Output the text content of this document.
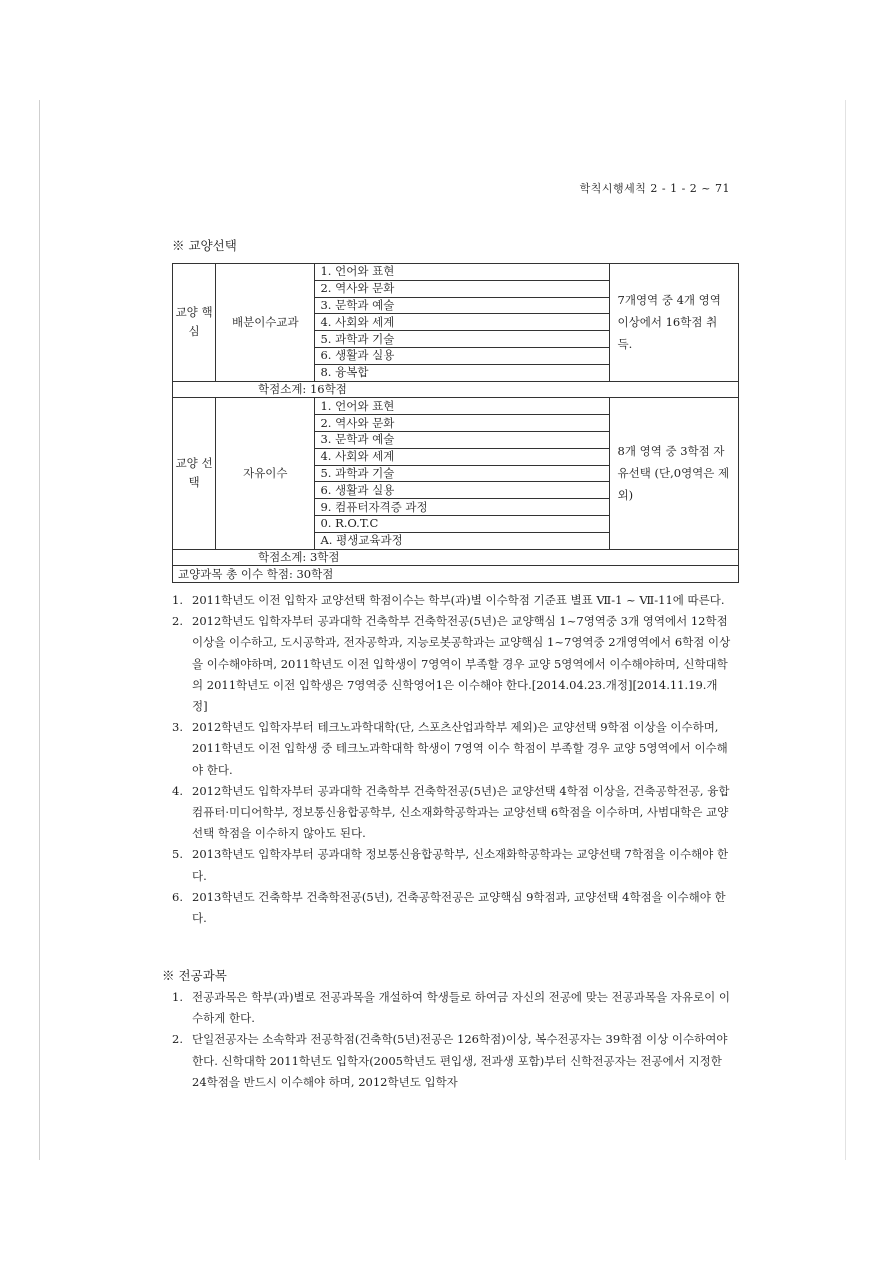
학칙시행세칙 2 - 1 - 2 ~ 71
※ 교양선택
교양 핵심	배분이수교과	1. 언어와 표현	7개영역 중 4개 영역이상에서 16학점 취득.
		2. 역사와 문화	
		3. 문학과 예술	
		4. 사회와 세계	
		5. 과학과 기술	
		6. 생활과 실용	
		8. 융복합	
학점소계: 16학점			
교양 선택	자유이수	1. 언어와 표현	8개 영역 중 3학점 자유선택 (단,0영역은 제외)
		2. 역사와 문화	
		3. 문학과 예술	
		4. 사회와 세계	
		5. 과학과 기술	
		6. 생활과 실용	
		9. 컴퓨터자격증 과정	
		0. R.O.T.C	
		A. 평생교육과정	
학점소계: 3학점			
교양과목 총 이수 학점: 30학점			
1. 2011학년도 이전 입학자 교양선택 학점이수는 학부(과)별 이수학점 기준표 별표 Ⅶ-1 ~ Ⅶ-11에 따른다.
2. 2012학년도 입학자부터 공과대학 건축학부 건축학전공(5년)은 교양핵심 1~7영역중 3개 영역에서 12학점 이상을 이수하고, 도시공학과, 전자공학과, 지능로봇공학과는 교양핵심 1~7영역중 2개영역에서 6학점 이상을 이수해야하며, 2011학년도 이전 입학생이 7영역이 부족할 경우 교양 5영역에서 이수해야하며, 신학대학의 2011학년도 이전 입학생은 7영역중 신학영어1은 이수해야 한다.[2014.04.23.개정][2014.11.19.개정]
3. 2012학년도 입학자부터 테크노과학대학(단, 스포츠산업과학부 제외)은 교양선택 9학점 이상을 이수하며, 2011학년도 이전 입학생 중 테크노과학대학 학생이 7영역 이수 학점이 부족할 경우 교양 5영역에서 이수해야 한다.
4. 2012학년도 입학자부터 공과대학 건축학부 건축학전공(5년)은 교양선택 4학점 이상을, 건축공학전공, 융합컴퓨터·미디어학부, 정보통신융합공학부, 신소재화학공학과는 교양선택 6학점을 이수하며, 사범대학은 교양선택 학점을 이수하지 않아도 된다.
5. 2013학년도 입학자부터 공과대학 정보통신융합공학부, 신소재화학공학과는 교양선택 7학점을 이수해야 한다.
6. 2013학년도 건축학부 건축학전공(5년), 건축공학전공은 교양핵심 9학점과, 교양선택 4학점을 이수해야 한다.
※ 전공과목
1. 전공과목은 학부(과)별로 전공과목을 개설하여 학생들로 하여금 자신의 전공에 맞는 전공과목을 자유로이 이수하게 한다.
2. 단일전공자는 소속학과 전공학점(건축학(5년)전공은 126학점)이상, 복수전공자는 39학점 이상 이수하여야 한다. 신학대학 2011학년도 입학자(2005학년도 편입생, 전과생 포함)부터 신학전공자는 전공에서 지정한 24학점을 반드시 이수해야 하며, 2012학년도 입학자
